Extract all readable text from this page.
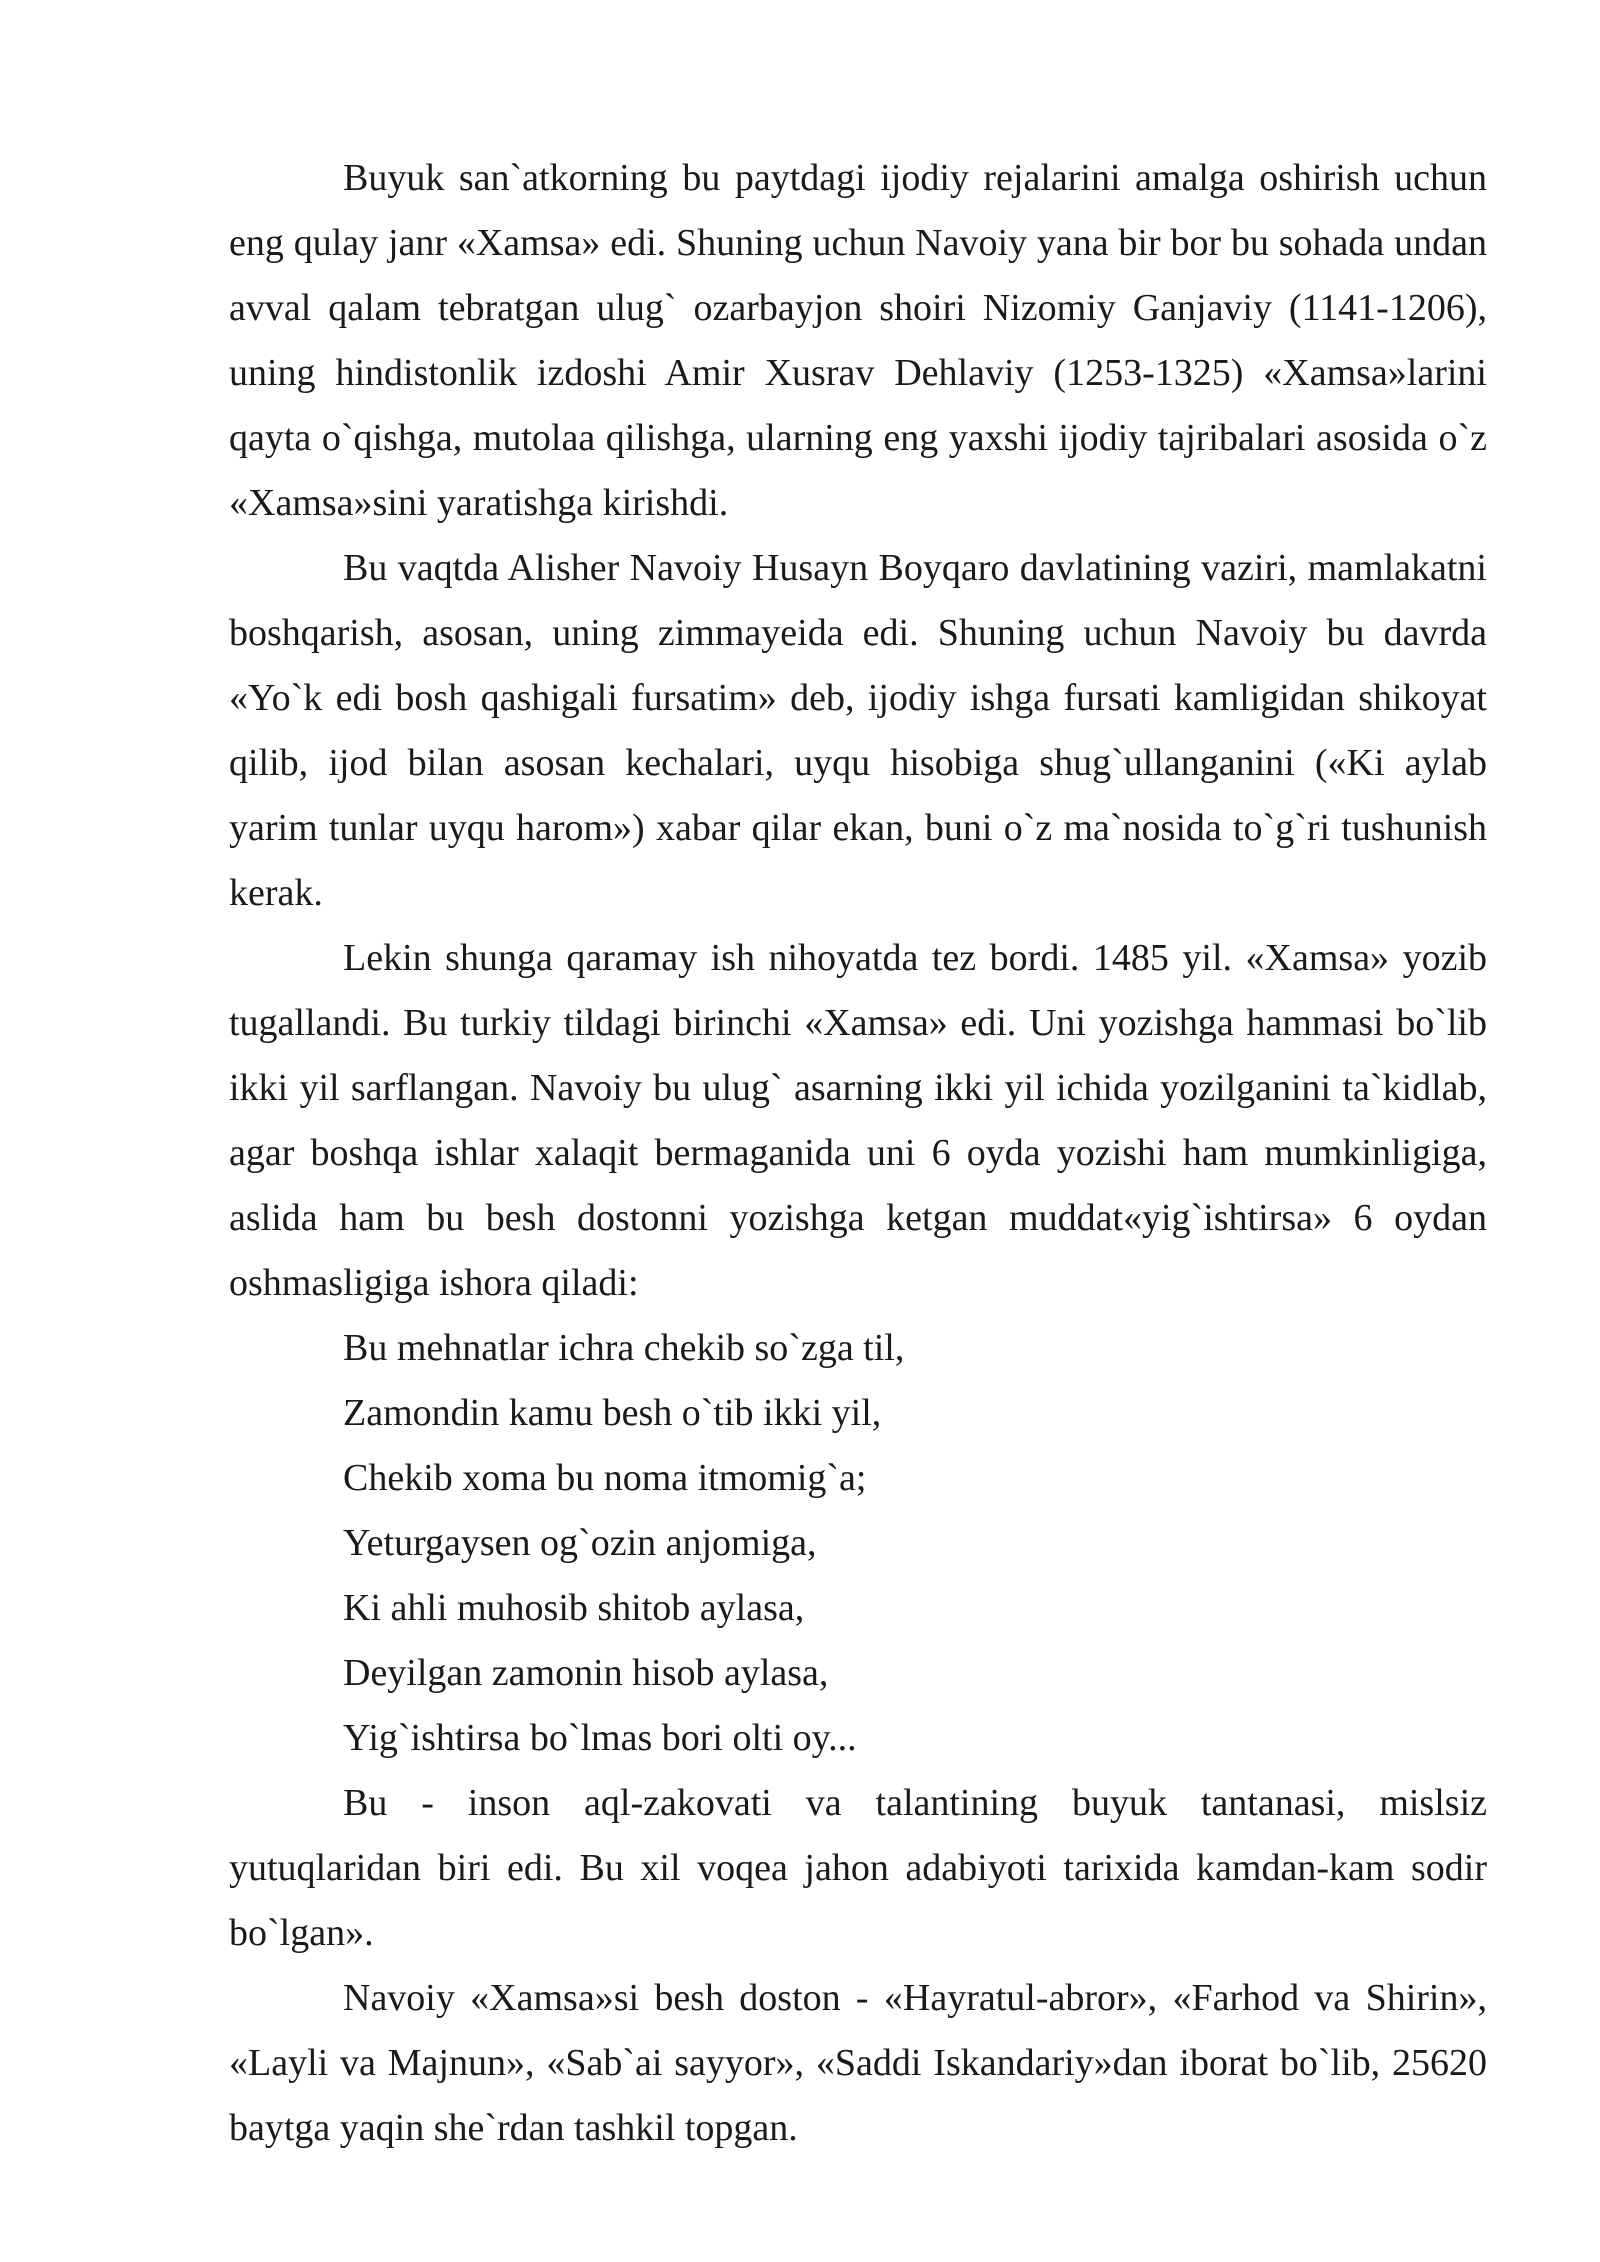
Buyuk san`atkorning bu paytdagi ijodiy rejalarini amalga oshirish uchun eng qulay janr «Xamsa» edi. Shuning uchun Navoiy yana bir bor bu sohada undan avval qalam tebratgan ulug` ozarbayjon shoiri Nizomiy Ganjaviy (1141-1206), uning hindistonlik izdoshi Amir Xusrav Dehlaviy (1253-1325) «Xamsa»larini qayta o`qishga, mutolaa qilishga, ularning eng yaxshi ijodiy tajribalari asosida o`z «Xamsa»sini yaratishga kirishdi.

Bu vaqtda Alisher Navoiy Husayn Boyqaro davlatining vaziri, mamlakatni boshqarish, asosan, uning zimmayeida edi. Shuning uchun Navoiy bu davrda «Yo`k edi bosh qashigali fursatim» deb, ijodiy ishga fursati kamligidan shikoyat qilib, ijod bilan asosan kechalari, uyqu hisobiga shug`ullanganini («Ki aylab yarim tunlar uyqu harom») xabar qilar ekan, buni o`z ma`nosida to`g`ri tushunish kerak.

Lekin shunga qaramay ish nihoyatda tez bordi. 1485 yil. «Xamsa» yozib tugallandi. Bu turkiy tildagi birinchi «Xamsa» edi. Uni yozishga hammasi bo`lib ikki yil sarflangan. Navoiy bu ulug` asarning ikki yil ichida yozilganini ta`kidlab, agar boshqa ishlar xalaqit bermaganida uni 6 oyda yozishi ham mumkinligiga, aslida ham bu besh dostonni yozishga ketgan muddat«yig`ishtirsa» 6 oydan oshmasligiga ishora qiladi:

Bu mehnatlar ichra chekib so`zga til,
Zamondin kamu besh o`tib ikki yil,
Chekib xoma bu noma itmomig`a;
Yeturgaysen og`ozin anjomiga,
Ki ahli muhosib shitob aylasa,
Deyilgan zamonin hisob aylasa,
Yig`ishtirsa bo`lmas bori olti oy...

Bu - inson aql-zakovati va talantining buyuk tantanasi, mislsiz yutuqlaridan biri edi. Bu xil voqea jahon adabiyoti tarixida kamdan-kam sodir bo`lgan».

Navoiy «Xamsa»si besh doston - «Hayratul-abror», «Farhod va Shirin», «Layli va Majnun», «Sab`ai sayyor», «Saddi Iskandariy»dan iborat bo`lib, 25620 baytga yaqin she`rdan tashkil topgan.
